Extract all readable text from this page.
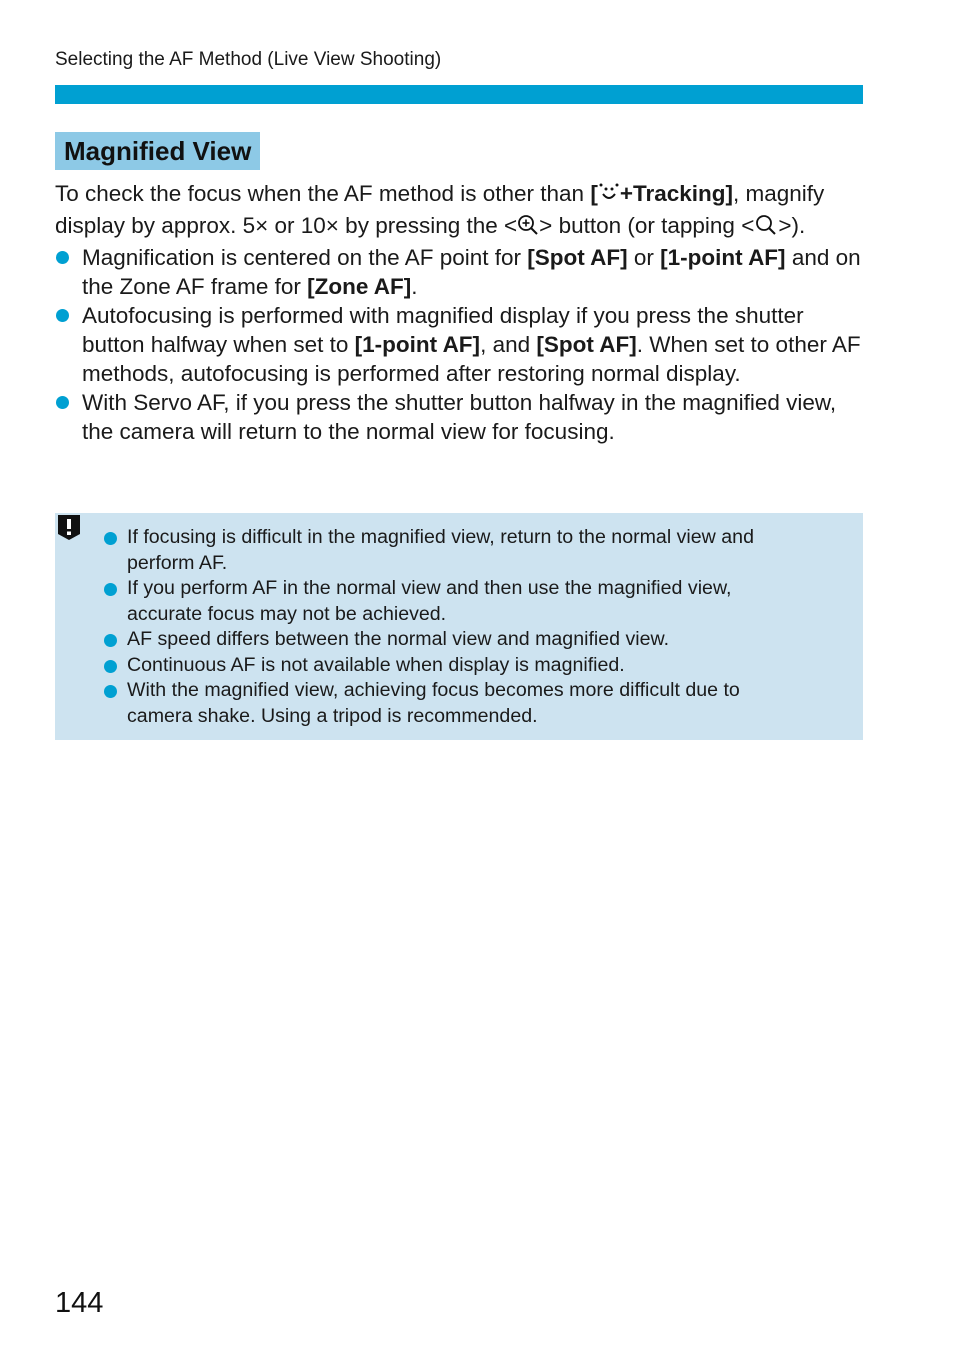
Selecting the AF Method (Live View Shooting)
Magnified View

To check the focus when the AF method is other than [ +Tracking], magnify display by approx. 5× or 10× by pressing the < > button (or tapping < >).

Magnification is centered on the AF point for [Spot AF] or [1-point AF] and on the Zone AF frame for [Zone AF].
Autofocusing is performed with magnified display if you press the shutter button halfway when set to [1-point AF], and [Spot AF]. When set to other AF methods, autofocusing is performed after restoring normal display.
With Servo AF, if you press the shutter button halfway in the magnified view, the camera will return to the normal view for focusing.
If focusing is difficult in the magnified view, return to the normal view and perform AF.
If you perform AF in the normal view and then use the magnified view, accurate focus may not be achieved.
AF speed differs between the normal view and magnified view.
Continuous AF is not available when display is magnified.
With the magnified view, achieving focus becomes more difficult due to camera shake. Using a tripod is recommended.
144
